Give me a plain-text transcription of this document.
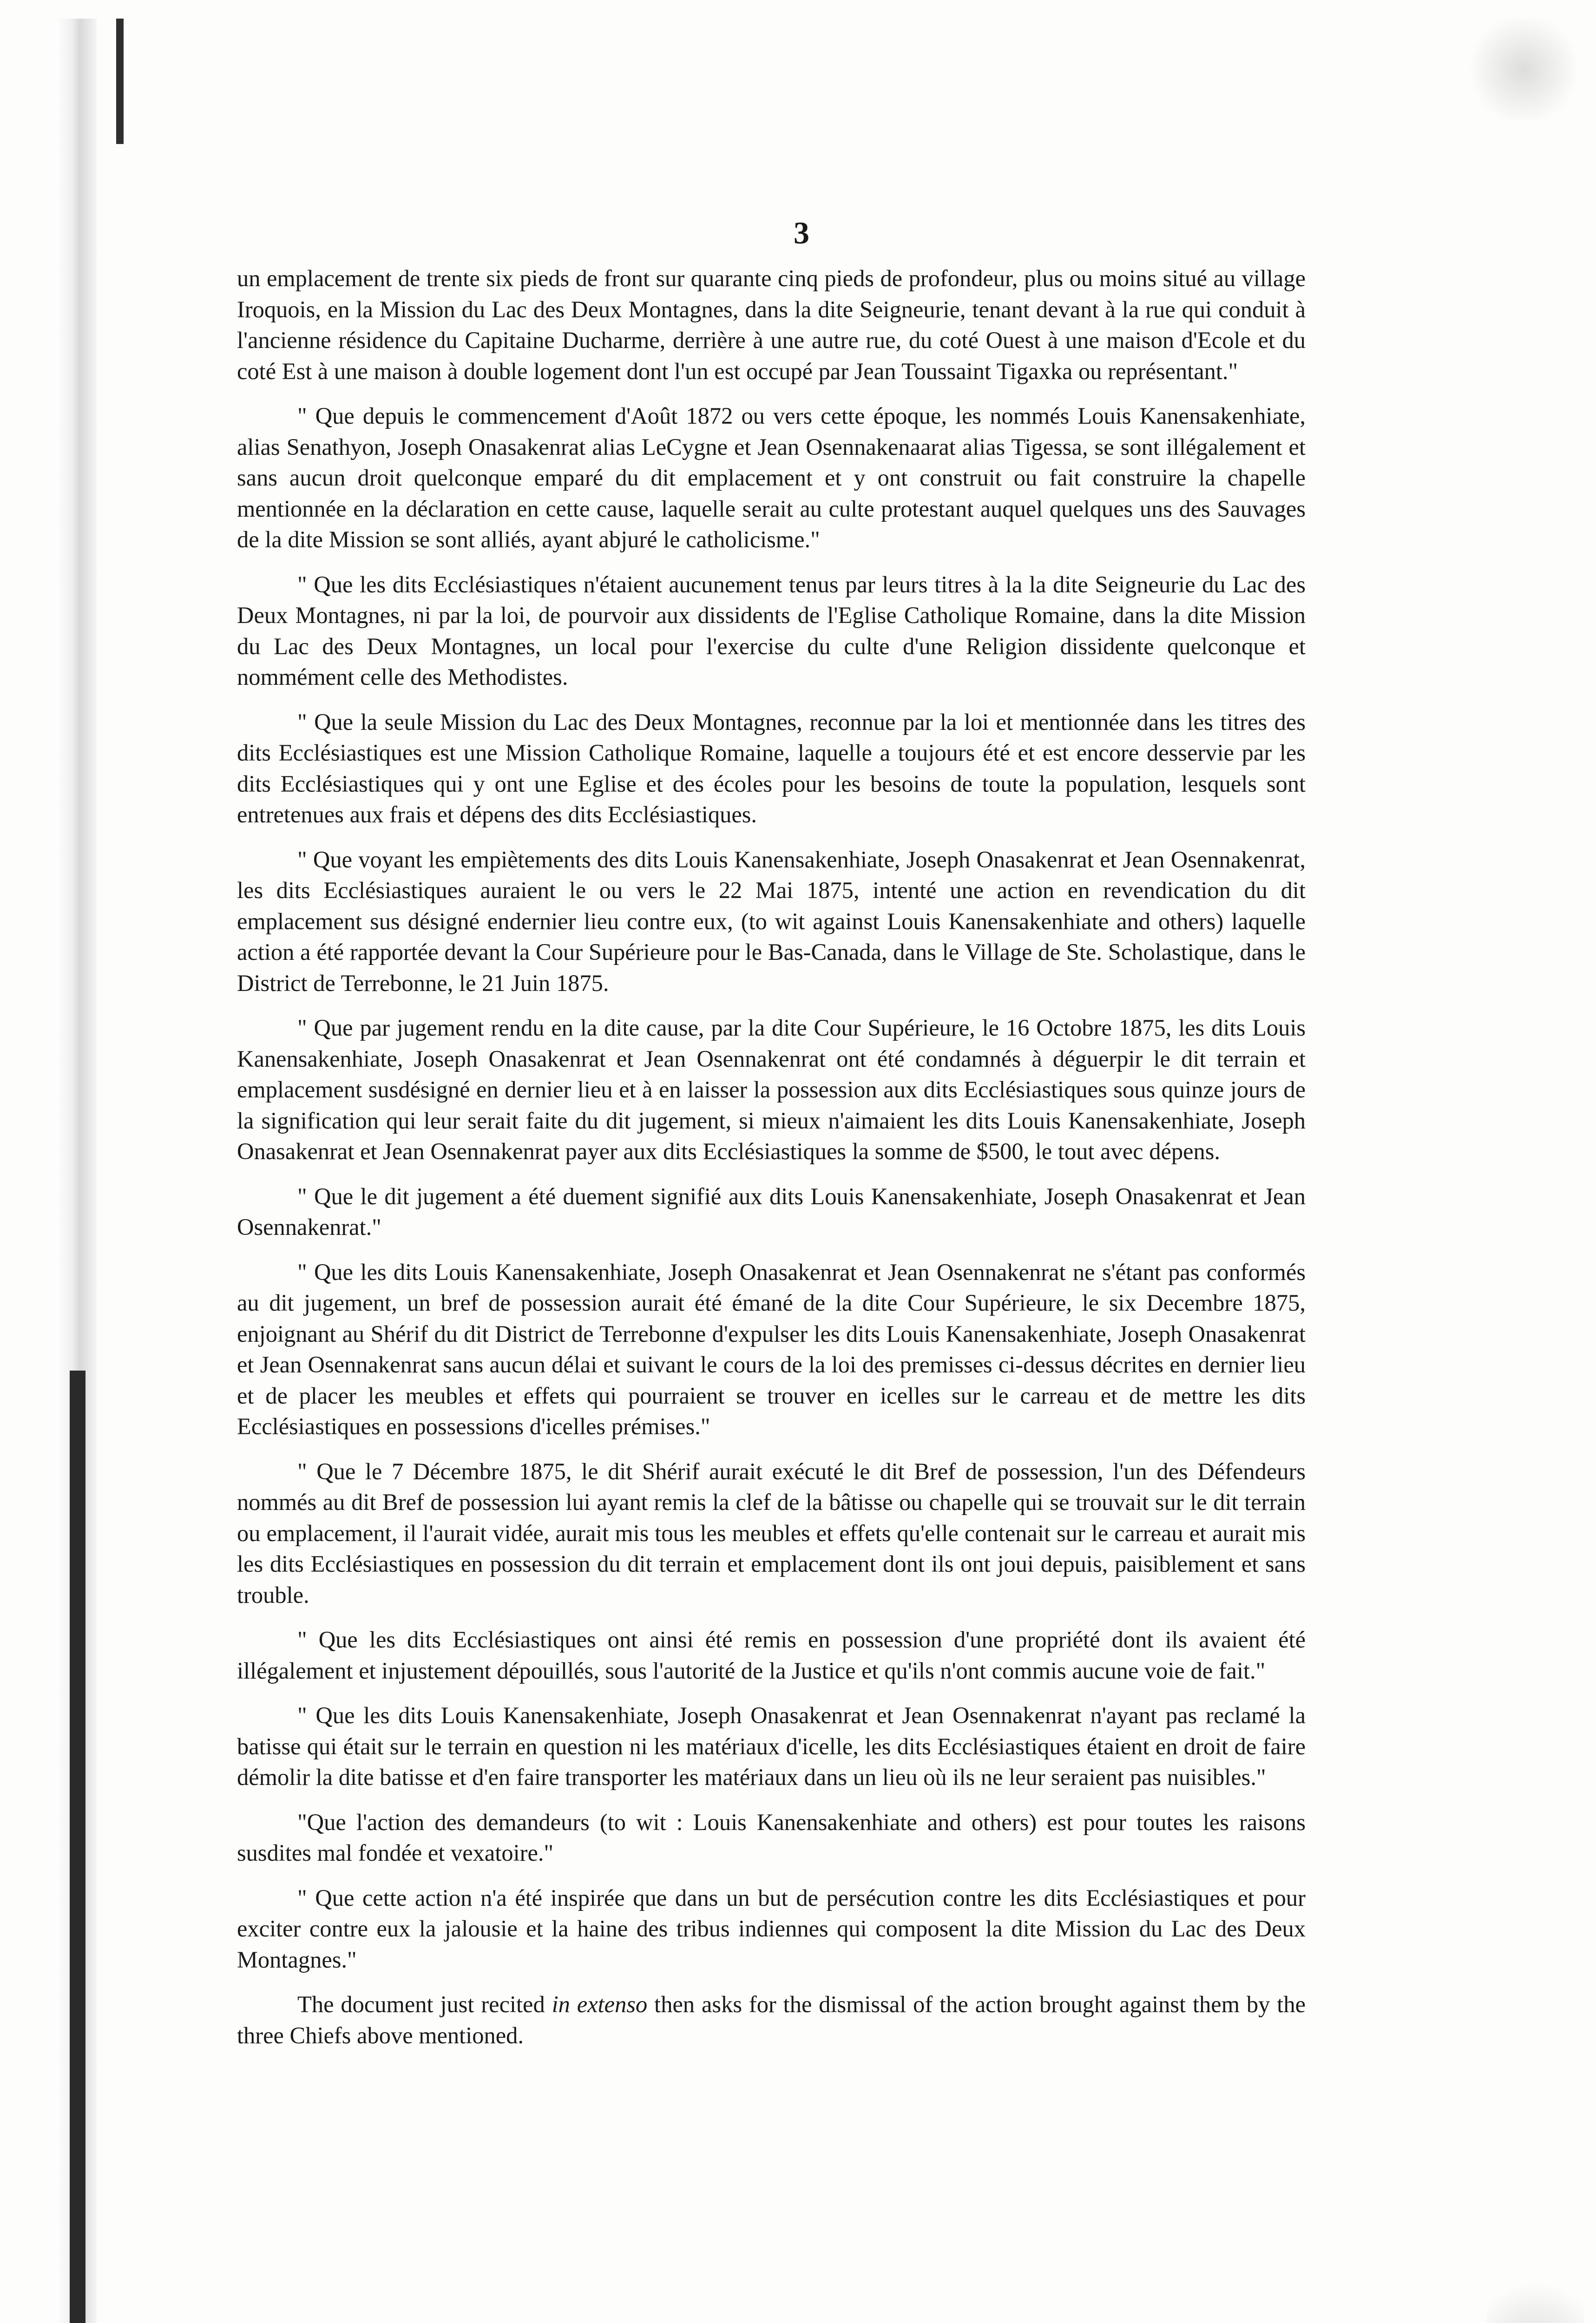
3

un emplacement de trente six pieds de front sur quarante cinq pieds de profondeur, plus ou moins situé au village Iroquois, en la Mission du Lac des Deux Montagnes, dans la dite Seigneurie, tenant devant à la rue qui conduit à l'ancienne résidence du Capitaine Ducharme, derrière à une autre rue, du coté Ouest à une maison d'Ecole et du coté Est à une maison à double logement dont l'un est occupé par Jean Toussaint Tigaxka ou représentant."

" Que depuis le commencement d'Août 1872 ou vers cette époque, les nommés Louis Kanensakenhiate, alias Senathyon, Joseph Onasakenrat alias LeCygne et Jean Osennakenaarat alias Tigessa, se sont illégalement et sans aucun droit quelconque emparé du dit emplacement et y ont construit ou fait construire la chapelle mentionnée en la déclaration en cette cause, laquelle serait au culte protestant auquel quelques uns des Sauvages de la dite Mission se sont alliés, ayant abjuré le catholicisme."

" Que les dits Ecclésiastiques n'étaient aucunement tenus par leurs titres à la la dite Seigneurie du Lac des Deux Montagnes, ni par la loi, de pourvoir aux dissidents de l'Eglise Catholique Romaine, dans la dite Mission du Lac des Deux Montagnes, un local pour l'exercise du culte d'une Religion dissidente quelconque et nommément celle des Methodistes.

" Que la seule Mission du Lac des Deux Montagnes, reconnue par la loi et mentionnée dans les titres des dits Ecclésiastiques est une Mission Catholique Romaine, laquelle a toujours été et est encore desservie par les dits Ecclésiastiques qui y ont une Eglise et des écoles pour les besoins de toute la population, lesquels sont entretenues aux frais et dépens des dits Ecclésiastiques.

" Que voyant les empiètements des dits Louis Kanensakenhiate, Joseph Onasakenrat et Jean Osennakenrat, les dits Ecclésiastiques auraient le ou vers le 22 Mai 1875, intenté une action en revendication du dit emplacement sus désigné endernier lieu contre eux, (to wit against Louis Kanensakenhiate and others) laquelle action a été rapportée devant la Cour Supérieure pour le Bas-Canada, dans le Village de Ste. Scholastique, dans le District de Terrebonne, le 21 Juin 1875.

" Que par jugement rendu en la dite cause, par la dite Cour Supérieure, le 16 Octobre 1875, les dits Louis Kanensakenhiate, Joseph Onasakenrat et Jean Osennakenrat ont été condamnés à déguerpir le dit terrain et emplacement susdésigné en dernier lieu et à en laisser la possession aux dits Ecclésiastiques sous quinze jours de la signification qui leur serait faite du dit jugement, si mieux n'aimaient les dits Louis Kanensakenhiate, Joseph Onasakenrat et Jean Osennakenrat payer aux dits Ecclésiastiques la somme de $500, le tout avec dépens.

" Que le dit jugement a été duement signifié aux dits Louis Kanensakenhiate, Joseph Onasakenrat et Jean Osennakenrat."

" Que les dits Louis Kanensakenhiate, Joseph Onasakenrat et Jean Osennakenrat ne s'étant pas conformés au dit jugement, un bref de possession aurait été émané de la dite Cour Supérieure, le six Decembre 1875, enjoignant au Shérif du dit District de Terrebonne d'expulser les dits Louis Kanensakenhiate, Joseph Onasakenrat et Jean Osennakenrat sans aucun délai et suivant le cours de la loi des premisses ci-dessus décrites en dernier lieu et de placer les meubles et effets qui pourraient se trouver en icelles sur le carreau et de mettre les dits Ecclésiastiques en possessions d'icelles prémises."

" Que le 7 Décembre 1875, le dit Shérif aurait exécuté le dit Bref de possession, l'un des Défendeurs nommés au dit Bref de possession lui ayant remis la clef de la bâtisse ou chapelle qui se trouvait sur le dit terrain ou emplacement, il l'aurait vidée, aurait mis tous les meubles et effets qu'elle contenait sur le carreau et aurait mis les dits Ecclésiastiques en possession du dit terrain et emplacement dont ils ont joui depuis, paisiblement et sans trouble.

" Que les dits Ecclésiastiques ont ainsi été remis en possession d'une propriété dont ils avaient été illégalement et injustement dépouillés, sous l'autorité de la Justice et qu'ils n'ont commis aucune voie de fait."

" Que les dits Louis Kanensakenhiate, Joseph Onasakenrat et Jean Osennakenrat n'ayant pas reclamé la batisse qui était sur le terrain en question ni les matériaux d'icelle, les dits Ecclésiastiques étaient en droit de faire démolir la dite batisse et d'en faire transporter les matériaux dans un lieu où ils ne leur seraient pas nuisibles."

"Que l'action des demandeurs (to wit : Louis Kanensakenhiate and others) est pour toutes les raisons susdites mal fondée et vexatoire."

" Que cette action n'a été inspirée que dans un but de persécution contre les dits Ecclésiastiques et pour exciter contre eux la jalousie et la haine des tribus indiennes qui composent la dite Mission du Lac des Deux Montagnes."

The document just recited in extenso then asks for the dismissal of the action brought against them by the three Chiefs above mentioned.
